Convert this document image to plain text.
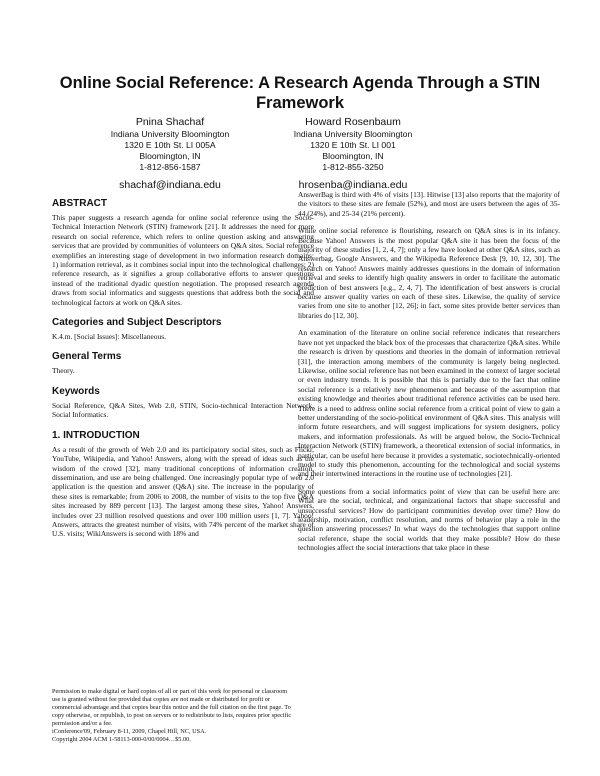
Online Social Reference: A Research Agenda Through a STIN Framework
Pnina Shachaf
Indiana University Bloomington
1320 E 10th St. LI 005A
Bloomington, IN
1-812-856-1587
shachaf@indiana.edu
Howard Rosenbaum
Indiana University Bloomington
1320 E 10th St. LI 001
Bloomington, IN
1-812-855-3250
hrosenba@indiana.edu
ABSTRACT

This paper suggests a research agenda for online social reference using the Socio-Technical Interaction Network (STIN) framework [21]. It addresses the need for more research on social reference, which refers to online question asking and answering services that are provided by communities of volunteers on Q&A sites. Social reference exemplifies an interesting stage of development in two information research domains: 1) information retrieval, as it combines social input into the technological challenges; 2) reference research, as it signifies a group collaborative efforts to answer questions instead of the traditional dyadic question negotiation. The proposed research agenda draws from social informatics and suggests questions that address both the social and technological factors at work on Q&A sites.

Categories and Subject Descriptors

K.4.m. [Social Issues]: Miscellaneous.

General Terms

Theory.

Keywords

Social Reference, Q&A Sites, Web 2.0, STIN, Socio-technical Interaction Network, Social Informatics.

1. INTRODUCTION

As a result of the growth of Web 2.0 and its participatory social sites, such as Flickr, YouTube, Wikipedia, and Yahoo! Answers, along with the spread of ideas such as the wisdom of the crowd [32], many traditional conceptions of information creation, dissemination, and use are being challenged. One increasingly popular type of web 2.0 application is the question and answer (Q&A) site. The increase in the popularity of these sites is remarkable; from 2006 to 2008, the number of visits to the top five Q&A sites increased by 889 percent [13]. The largest among these sites, Yahoo! Answers, includes over 23 million resolved questions and over 100 million users [1, 7]. Yahoo! Answers, attracts the greatest number of visits, with 74% percent of the market share of U.S. visits; WikiAnswers is second with 18% and

Permission to make digital or hard copies of all or part of this work for personal or classroom use is granted without fee provided that copies are not made or distributed for profit or commercial advantage and that copies bear this notice and the full citation on the first page. To copy otherwise, or republish, to post on servers or to redistribute to lists, requires prior specific permission and/or a fee.
iConference'09, February 8-11, 2009, Chapel Hill, NC, USA.
Copyright 2004 ACM 1-58113-000-0/00/0004…$5.00.

AnswerBag is third with 4% of visits [13]. Hitwise [13] also reports that the majority of the visitors to these sites are female (52%), and most are users between the ages of 35-44 (24%), and 25-34 (21% percent).

While online social reference is flourishing, research on Q&A sites is in its infancy. Because Yahoo! Answers is the most popular Q&A site it has been the focus of the majority of these studies [1, 2, 4, 7]; only a few have looked at other Q&A sites, such as Answerbag, Google Answers, and the Wikipedia Reference Desk [9, 10, 12, 30]. The research on Yahoo! Answers mainly addresses questions in the domain of information retrieval and seeks to identify high quality answers in order to facilitate the automatic prediction of best answers [e.g., 2, 4, 7]. The identification of best answers is crucial because answer quality varies on each of these sites. Likewise, the quality of service varies from one site to another [12, 26]; in fact, some sites provide better services than libraries do [12, 30].

An examination of the literature on online social reference indicates that researchers have not yet unpacked the black box of the processes that characterize Q&A sites. While the research is driven by questions and theories in the domain of information retrieval [31], the interaction among members of the community is largely being neglected. Likewise, online social reference has not been examined in the context of larger societal or even industry trends. It is possible that this is partially due to the fact that online social reference is a relatively new phenomenon and because of the assumption that existing knowledge and theories about traditional reference activities can be used here. There is a need to address online social reference from a critical point of view to gain a better understanding of the socio-political environment of Q&A sites. This analysis will inform future researchers, and will suggest implications for system designers, policy makers, and information professionals. As will be argued below, the Socio-Technical Interaction Network (STIN) framework, a theoretical extension of social informatics, in particular, can be useful here because it provides a systematic, sociotechnically-oriented model to study this phenomenon, accounting for the technological and social systems and their intertwined interactions in the routine use of technologies [21].

Some questions from a social informatics point of view that can be useful here are: What are the social, technical, and organizational factors that shape successful and unsuccessful services? How do participant communities develop over time? How do leadership, motivation, conflict resolution, and norms of behavior play a role in the question answering processes? In what ways do the technologies that support online social reference, shape the social worlds that they make possible? How do these technologies affect the social interactions that take place in these
